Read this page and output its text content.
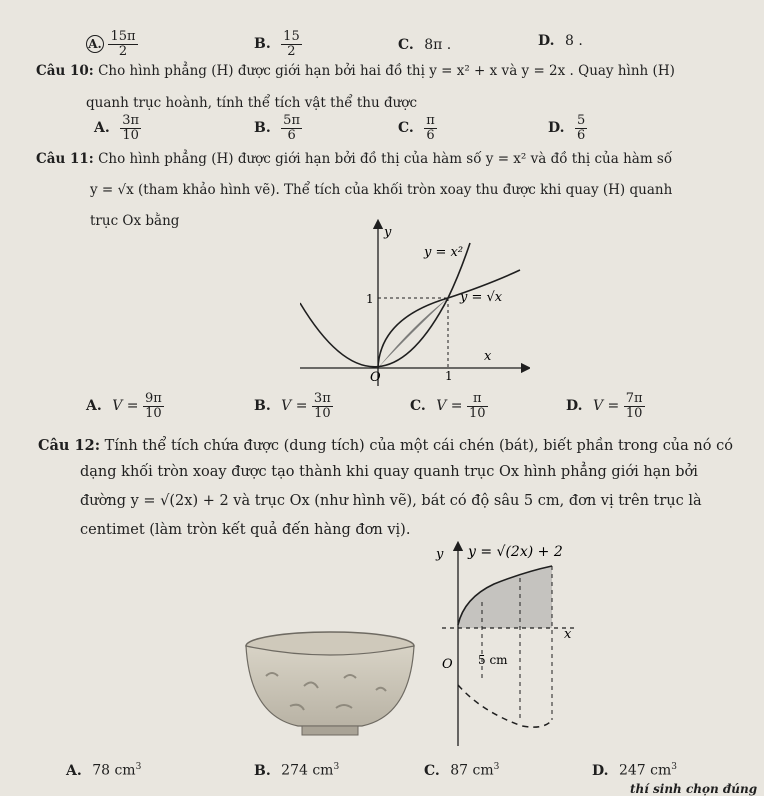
A. $\frac{15\pi}{2}$	B. $\frac{15}{2}$	C. 8π .	D. 8 .
Câu 10: Cho hình phẳng (H) được giới hạn bởi hai đồ thị y = x² + x và y = 2x . Quay hình (H)
quanh trục hoành, tính thể tích vật thể thu được
A. $\frac{3\pi}{10}$	B. $\frac{5\pi}{6}$	C. $\frac{\pi}{6}$	D. $\frac{5}{6}$
Câu 11: Cho hình phẳng (H) được giới hạn bởi đồ thị của hàm số y = x² và đồ thị của hàm số
y = √x (tham khảo hình vẽ). Thể tích của khối tròn xoay thu được khi quay (H) quanh
trục Ox bằng
y
x
O	1
1
y = x²
y = √x
A. $V = \frac{9\pi}{10}$	B. $V = \frac{3\pi}{10}$	C. $V = \frac{\pi}{10}$	D. $V = \frac{7\pi}{10}$
Câu 12: Tính thể tích chứa được (dung tích) của một cái chén (bát), biết phần trong của nó có
dạng khối tròn xoay được tạo thành khi quay quanh trục Ox hình phẳng giới hạn bởi
đường y = √(2x) + 2 và trục Ox (như hình vẽ), bát có độ sâu 5 cm, đơn vị trên trục là
centimet (làm tròn kết quả đến hàng đơn vị).
y y = √(2x) + 2
x
O 5 cm
A. 78 $cm^3$	B. 274 $cm^3$	C. 87 $cm^3$	D. 247 $cm^3$
thí sinh chọn đúng
